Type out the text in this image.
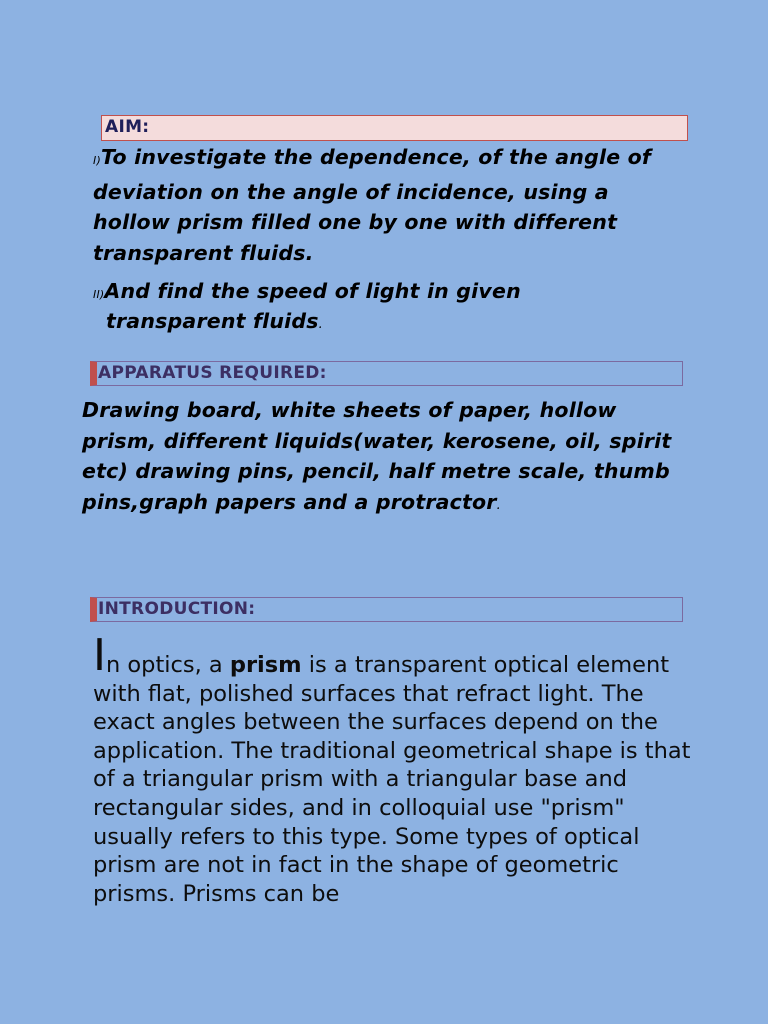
AIM:
I)To investigate the dependence, of the angle of deviation on the angle of incidence, using a hollow prism filled one by one with different transparent fluids.
II)And find the speed of light in given
transparent fluids.
APPARATUS REQUIRED:
Drawing board, white sheets of paper, hollow prism, different liquids(water, kerosene, oil, spirit etc) drawing pins, pencil, half metre scale, thumb pins,graph papers and a protractor.
INTRODUCTION:
In optics, a prism is a transparent optical element with flat, polished surfaces that refract light. The exact angles between the surfaces depend on the application. The traditional geometrical shape is that of a triangular prism with a triangular base and rectangular sides, and in colloquial use "prism" usually refers to this type. Some types of optical prism are not in fact in the shape of geometric prisms. Prisms can be
